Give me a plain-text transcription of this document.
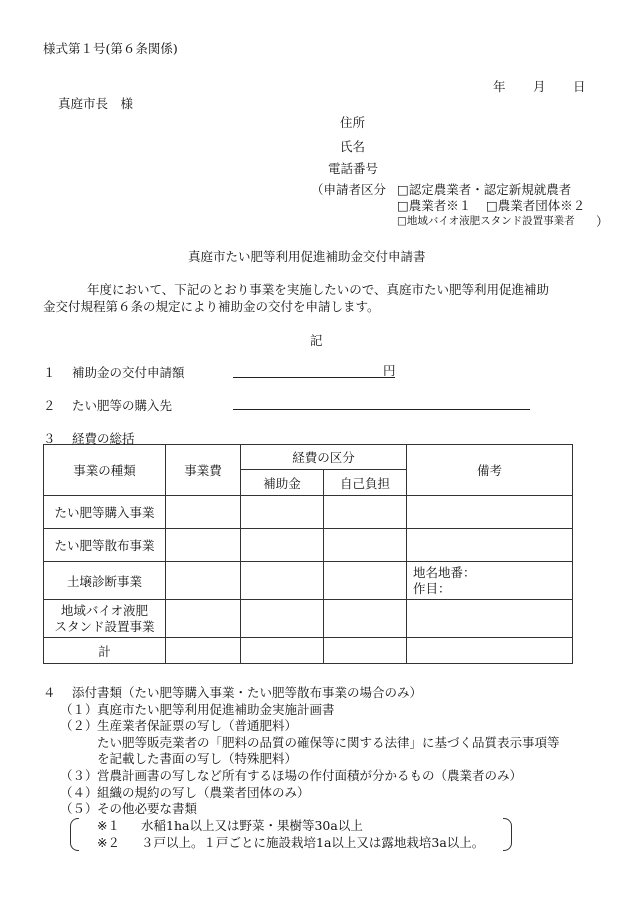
様式第１号(第６条関係)
年 月 日
真庭市長　様
住所
氏名
電話番号
（申請者区分 □認定農業者・認定新規就農者
□農業者※１ □農業者団体※２
□地域バイオ液肥スタンド設置事業者 ）
真庭市たい肥等利用促進補助金交付申請書
年度において、下記のとおり事業を実施したいので、真庭市たい肥等利用促進補助
金交付規程第６条の規定により補助金の交付を申請します。
記
１ 補助金の交付申請額	円
２ たい肥等の購入先
３ 経費の総括
事業の種類	事業費	経費の区分		備考
		補助金	自己負担	
たい肥等購入事業				
たい肥等散布事業				
土壌診断事業				地名地番：
作目：

地域バイオ液肥
スタンド設置事業				

計				
４ 添付書類（たい肥等購入事業・たい肥等散布事業の場合のみ）
（１） 真庭市たい肥等利用促進補助金実施計画書
（２） 生産業者保証票の写し（普通肥料）
たい肥等販売業者の「肥料の品質の確保等に関する法律」に基づく品質表示事項等
を記載した書面の写し（特殊肥料）
（３） 営農計画書の写しなど所有するほ場の作付面積が分かるもの（農業者のみ）
（４） 組織の規約の写し（農業者団体のみ）
（５） その他必要な書類
※１ 水稲1ha以上又は野菜・果樹等30a以上
※２ ３戸以上。１戸ごとに施設栽培1a以上又は露地栽培3a以上。
